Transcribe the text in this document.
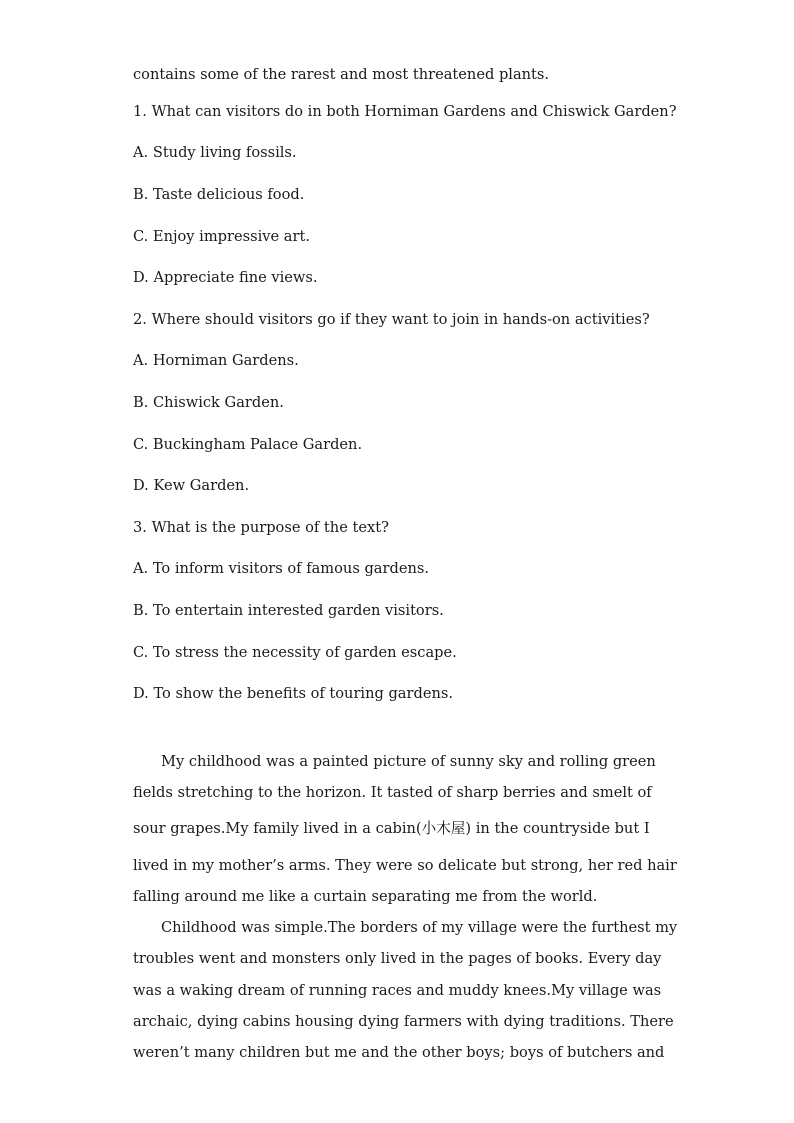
contains some of the rarest and most threatened plants.
1. What can visitors do in both Horniman Gardens and Chiswick Garden?
A. Study living fossils.
B. Taste delicious food.
C. Enjoy impressive art.
D. Appreciate fine views.
2. Where should visitors go if they want to join in hands-on activities?
A. Horniman Gardens.
B. Chiswick Garden.
C. Buckingham Palace Garden.
D. Kew Garden.
3. What is the purpose of the text?
A. To inform visitors of famous gardens.
B. To entertain interested garden visitors.
C. To stress the necessity of garden escape.
D. To show the benefits of touring gardens.
My childhood was a painted picture of sunny sky and rolling green
fields stretching to the horizon. It tasted of sharp berries and smelt of
sour grapes.My family lived in a cabin(小木屋) in the countryside but I
lived in my mother’s arms. They were so delicate but strong, her red hair
falling around me like a curtain separating me from the world.
Childhood was simple.The borders of my village were the furthest my
troubles went and monsters only lived in the pages of books. Every day
was a waking dream of running races and muddy knees.My village was
archaic, dying cabins housing dying farmers with dying traditions. There
weren’t many children but me and the other boys; boys of butchers and
